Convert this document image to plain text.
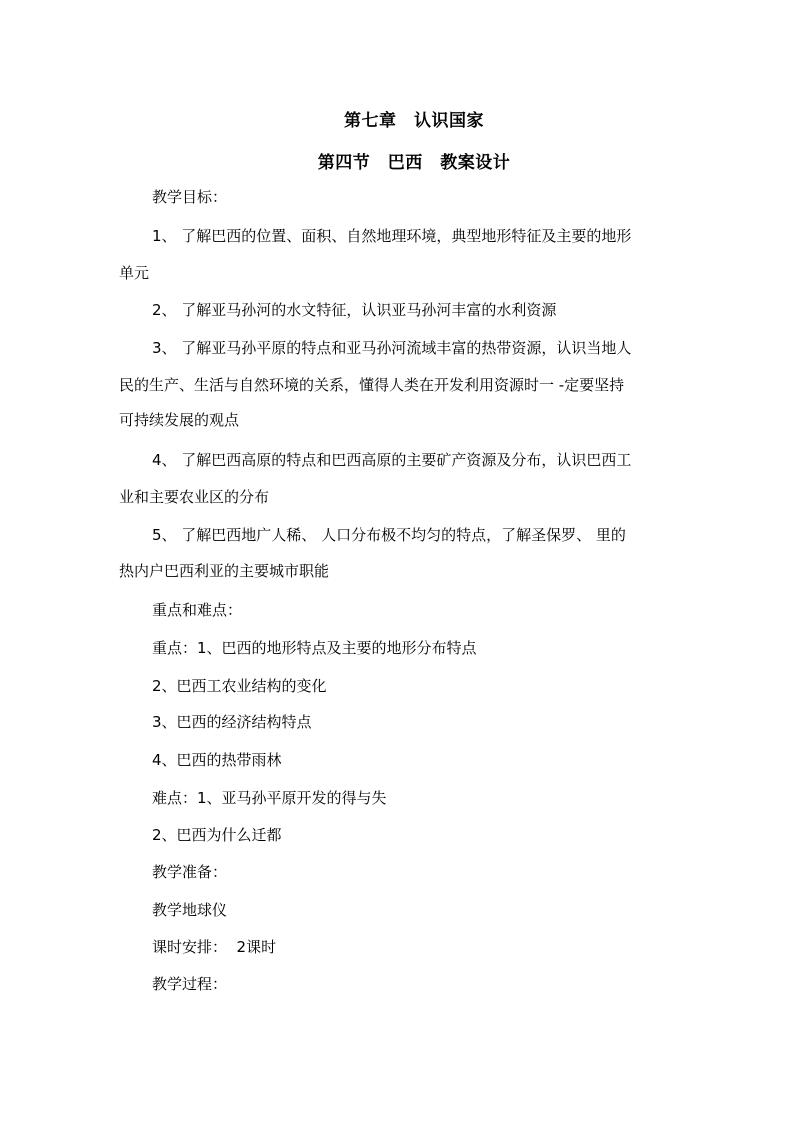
第七章　认识国家
第四节　巴西　教案设计
教学目标：
1、 了解巴西的位置、面积、自然地理环境，典型地形特征及主要的地形
单元
2、 了解亚马孙河的水文特征，认识亚马孙河丰富的水利资源
3、 了解亚马孙平原的特点和亚马孙河流域丰富的热带资源，认识当地人
民的生产、生活与自然环境的关系，懂得人类在开发利用资源时一 -定要坚持
可持续发展的观点
4、 了解巴西高原的特点和巴西高原的主要矿产资源及分布，认识巴西工
业和主要农业区的分布
5、 了解巴西地广人稀、 人口分布极不均匀的特点，了解圣保罗、 里的
热内户巴西利亚的主要城市职能
重点和难点：
重点：1、巴西的地形特点及主要的地形分布特点
2、巴西工农业结构的变化
3、巴西的经济结构特点
4、巴西的热带雨林
难点：1、亚马孙平原开发的得与失
2、巴西为什么迁都
教学准备：
教学地球仪
课时安排：  2课时
教学过程：
